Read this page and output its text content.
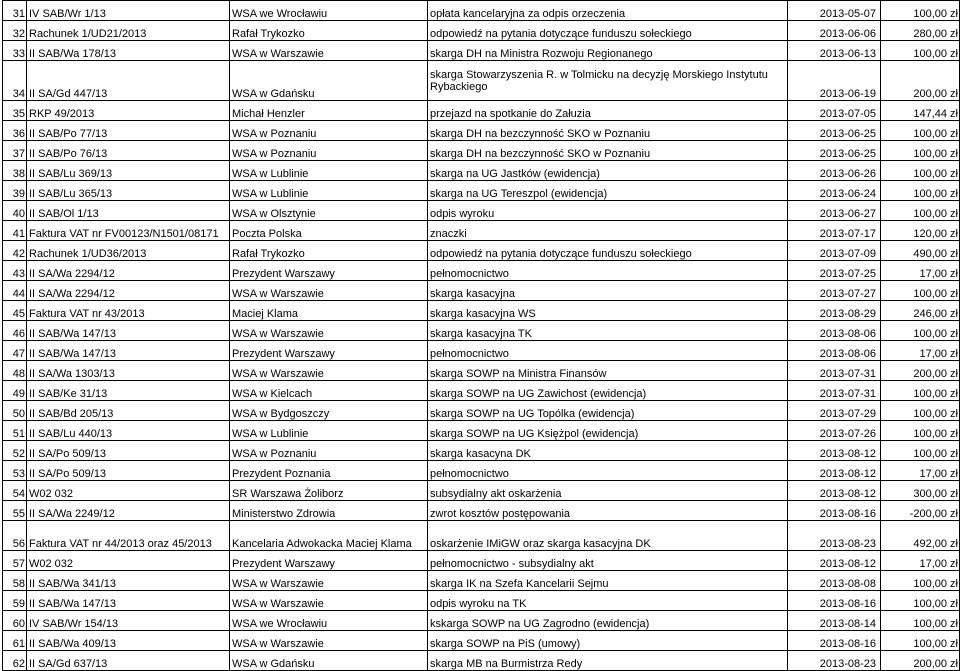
31	IV SAB/Wr 1/13	WSA we Wrocławiu	opłata kancelaryjna za odpis orzeczenia	2013-05-07	100,00 zł
32	Rachunek 1/UD21/2013	Rafał Trykozko	odpowiedź na pytania dotyczące funduszu sołeckiego	2013-06-06	280,00 zł
33	II SAB/Wa 178/13	WSA w Warszawie	skarga DH na Ministra Rozwoju Regionanego	2013-06-13	100,00 zł
34	II SA/Gd 447/13	WSA w Gdańsku	skarga Stowarzyszenia R. w Tolmicku na decyzję Morskiego Instytutu Rybackiego	2013-06-19	200,00 zł
35	RKP 49/2013	Michał Henzler	przejazd na spotkanie do Załuzia	2013-07-05	147,44 zł
36	II SAB/Po 77/13	WSA w Poznaniu	skarga DH na bezczynność SKO w Poznaniu	2013-06-25	100,00 zł
37	II SAB/Po 76/13	WSA w Poznaniu	skarga DH na bezczynność SKO w Poznaniu	2013-06-25	100,00 zł
38	II SAB/Lu 369/13	WSA w Lublinie	skarga na UG Jastków (ewidencja)	2013-06-26	100,00 zł
39	II SAB/Lu 365/13	WSA w Lublinie	skarga na UG Tereszpol (ewidencja)	2013-06-24	100,00 zł
40	II SAB/Ol 1/13	WSA w Olsztynie	odpis wyroku	2013-06-27	100,00 zł
41	Faktura VAT nr FV00123/N1501/08171	Poczta Polska	znaczki	2013-07-17	120,00 zł
42	Rachunek 1/UD36/2013	Rafał Trykozko	odpowiedź na pytania dotyczące funduszu sołeckiego	2013-07-09	490,00 zł
43	II SA/Wa 2294/12	Prezydent Warszawy	pełnomocnictwo	2013-07-25	17,00 zł
44	II SA/Wa 2294/12	WSA w Warszawie	skarga kasacyjna	2013-07-27	100,00 zł
45	Faktura VAT nr 43/2013	Maciej Klama	skarga kasacyjna WS	2013-08-29	246,00 zł
46	II SAB/Wa 147/13	WSA w Warszawie	skarga kasacyjna TK	2013-08-06	100,00 zł
47	II SAB/Wa 147/13	Prezydent Warszawy	pełnomocnictwo	2013-08-06	17,00 zł
48	II SA/Wa 1303/13	WSA w Warszawie	skarga SOWP na Ministra Finansów	2013-07-31	200,00 zł
49	II SAB/Ke 31/13	WSA w Kielcach	skarga SOWP na UG Zawichost (ewidencja)	2013-07-31	100,00 zł
50	II SAB/Bd 205/13	WSA w Bydgoszczy	skarga SOWP na UG Topólka (ewidencja)	2013-07-29	100,00 zł
51	II SAB/Lu 440/13	WSA w Lublinie	skarga SOWP na UG Księżpol (ewidencja)	2013-07-26	100,00 zł
52	II SA/Po 509/13	WSA w Poznaniu	skarga kasacyna DK	2013-08-12	100,00 zł
53	II SA/Po 509/13	Prezydent Poznania	pełnomocnictwo	2013-08-12	17,00 zł
54	W02 032	SR Warszawa Żoliborz	subsydialny akt oskarżenia	2013-08-12	300,00 zł
55	II SA/Wa 2249/12	Ministerstwo Zdrowia	zwrot kosztów postępowania	2013-08-16	-200,00 zł
56	Faktura VAT nr 44/2013 oraz 45/2013	Kancelaria Adwokacka Maciej Klama	oskarżenie IMiGW oraz skarga kasacyjna DK	2013-08-23	492,00 zł
57	W02 032	Prezydent Warszawy	pełnomocnictwo - subsydialny akt	2013-08-12	17,00 zł
58	II SAB/Wa 341/13	WSA w Warszawie	skarga IK na Szefa Kancelarii Sejmu	2013-08-08	100,00 zł
59	II SAB/Wa 147/13	WSA w Warszawie	odpis wyroku na TK	2013-08-16	100,00 zł
60	IV SAB/Wr 154/13	WSA we Wrocławiu	kskarga SOWP na UG Zagrodno (ewidencja)	2013-08-14	100,00 zł
61	II SAB/Wa 409/13	WSA w Warszawie	skarga SOWP na PiS (umowy)	2013-08-16	100,00 zł
62	II SA/Gd 637/13	WSA w Gdańsku	skarga MB na Burmistrza Redy	2013-08-23	200,00 zł
